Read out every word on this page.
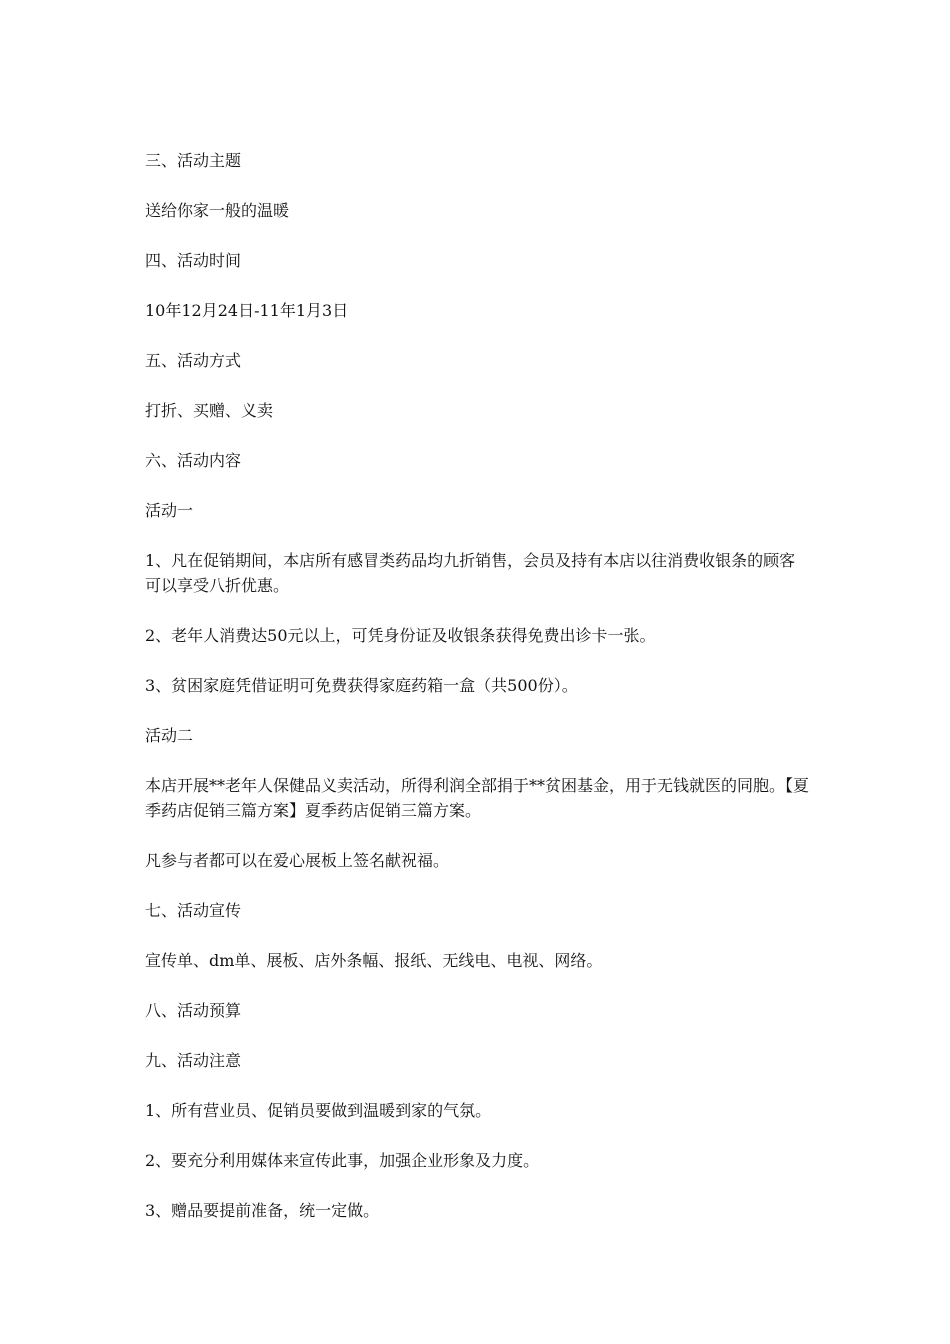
三、活动主题

送给你家一般的温暖

四、活动时间

10年12月24日-11年1月3日

五、活动方式

打折、买赠、义卖

六、活动内容

活动一

1、凡在促销期间，本店所有感冒类药品均九折销售，会员及持有本店以往消费收银条的顾客可以享受八折优惠。

2、老年人消费达50元以上，可凭身份证及收银条获得免费出诊卡一张。

3、贫困家庭凭借证明可免费获得家庭药箱一盒（共500份）。

活动二

本店开展**老年人保健品义卖活动，所得利润全部捐于**贫困基金，用于无钱就医的同胞。【夏季药店促销三篇方案】夏季药店促销三篇方案。

凡参与者都可以在爱心展板上签名献祝福。

七、活动宣传

宣传单、dm单、展板、店外条幅、报纸、无线电、电视、网络。

八、活动预算

九、活动注意

1、所有营业员、促销员要做到温暖到家的气氛。

2、要充分利用媒体来宣传此事，加强企业形象及力度。

3、赠品要提前准备，统一定做。
